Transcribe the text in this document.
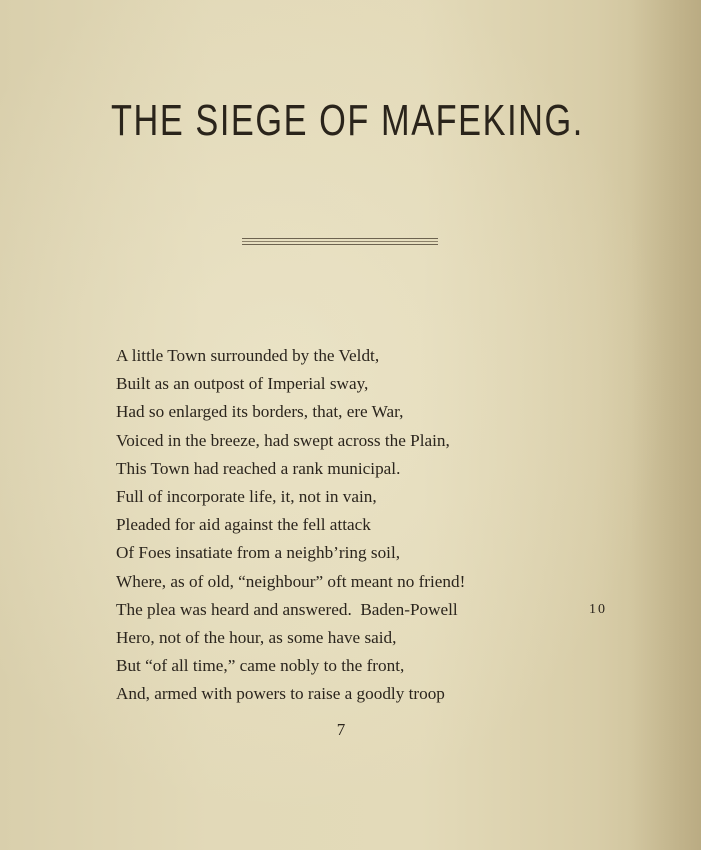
THE SIEGE OF MAFEKING.
A little Town surrounded by the Veldt,
Built as an outpost of Imperial sway,
Had so enlarged its borders, that, ere War,
Voiced in the breeze, had swept across the Plain,
This Town had reached a rank municipal.
Full of incorporate life, it, not in vain,
Pleaded for aid against the fell attack
Of Foes insatiate from a neighb’ring soil,
Where, as of old, “neighbour” oft meant no friend!
The plea was heard and answered.  Baden-Powell	10
Hero, not of the hour, as some have said,
But “of all time,” came nobly to the front,
And, armed with powers to raise a goodly troop
7
